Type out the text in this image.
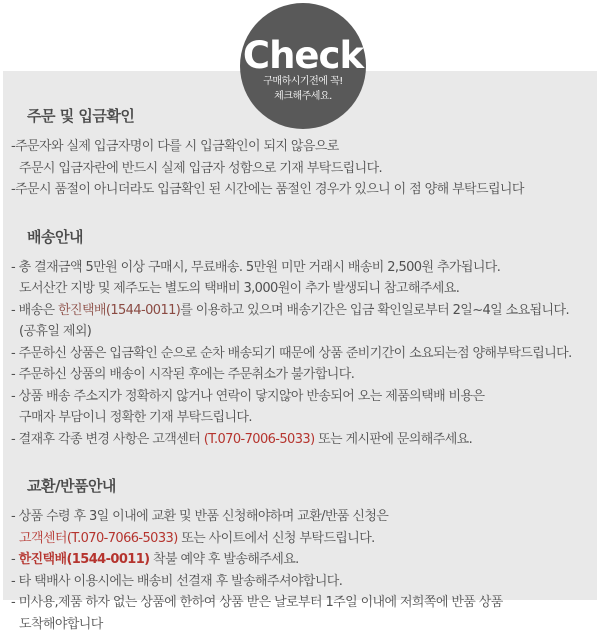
Check
구매하시기전에 꼭!
체크해주세요.
주문 및 입금확인
-주문자와 실제 입금자명이 다를 시 입금확인이 되지 않음으로
주문시 입금자란에 반드시 실제 입금자 성함으로 기재 부탁드립니다.
-주문시 품절이 아니더라도 입금확인 된 시간에는 품절인 경우가 있으니 이 점 양해 부탁드립니다
배송안내
- 총 결재금액 5만원 이상 구매시, 무료배송. 5만원 미만 거래시 배송비 2,500원 추가됩니다.
도서산간 지방 및 제주도는 별도의 택배비 3,000원이 추가 발생되니 참고해주세요.
- 배송은 한진택배(1544-0011)를 이용하고 있으며 배송기간은 입금 확인일로부터 2일~4일 소요됩니다.
(공휴일 제외)
- 주문하신 상품은 입금확인 순으로 순차 배송되기 때문에 상품 준비기간이 소요되는점 양해부탁드립니다.
- 주문하신 상품의 배송이 시작된 후에는 주문취소가 불가합니다.
- 상품 배송 주소지가 정확하지 않거나 연락이 닿지않아 반송되어 오는 제품의택배 비용은
구매자 부담이니 정확한 기재 부탁드립니다.
- 결재후 각종 변경 사항은 고객센터 (T.070-7006-5033) 또는 게시판에 문의해주세요.
교환/반품안내
- 상품 수령 후 3일 이내에 교환 및 반품 신청해야하며 교환/반품 신청은
고객센터(T.070-7066-5033) 또는 사이트에서 신청 부탁드립니다.
- 한진택배(1544-0011) 착불 예약 후 발송해주세요.
- 타 택배사 이용시에는 배송비 선결재 후 발송해주셔야합니다.
- 미사용,제품 하자 없는 상품에 한하여 상품 받은 날로부터 1주일 이내에 저희쪽에 반품 상품
도착해야합니다
